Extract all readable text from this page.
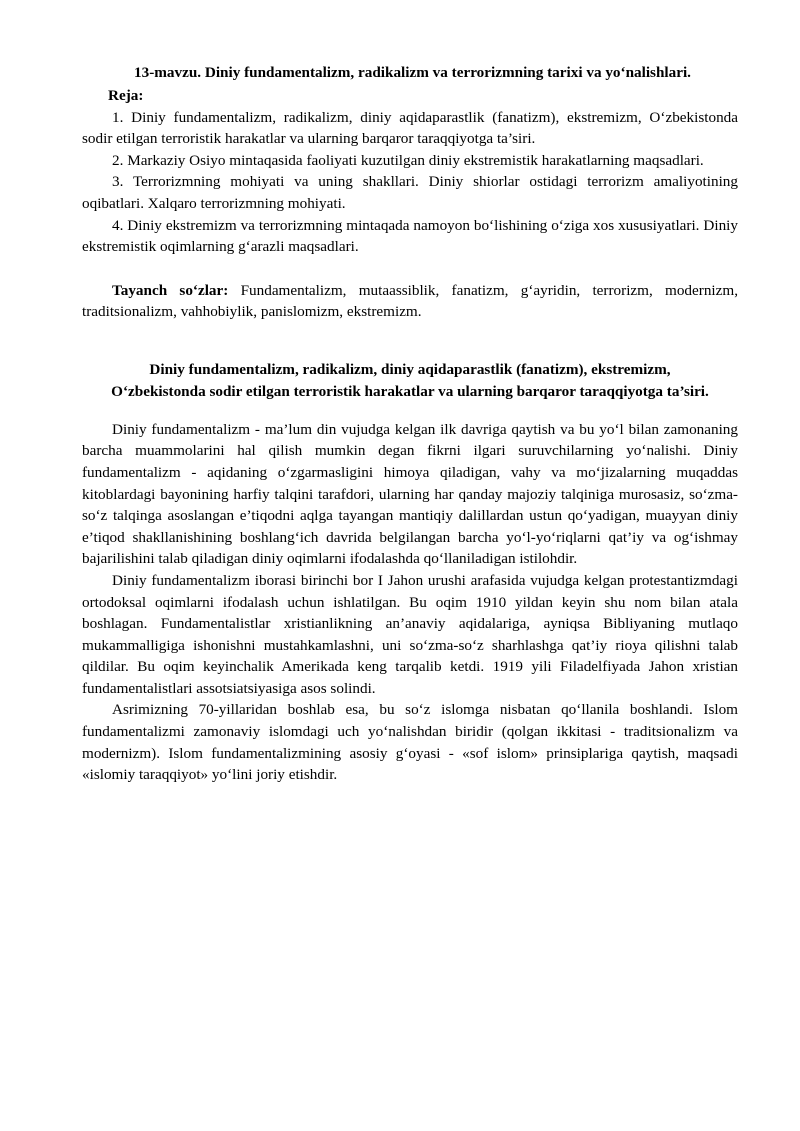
13-mavzu. Diniy fundamentalizm, radikalizm va terrorizmning tarixi va yo‘nalishlari.

Reja:

1. Diniy fundamentalizm, radikalizm, diniy aqidaparastlik (fanatizm), ekstremizm, O‘zbekistonda sodir etilgan terroristik harakatlar va ularning barqaror taraqqiyotga ta’siri.

2. Markaziy Osiyo mintaqasida faoliyati kuzutilgan diniy ekstremistik harakatlarning maqsadlari.

3. Terrorizmning mohiyati va uning shakllari. Diniy shiorlar ostidagi terrorizm amaliyotining oqibatlari. Xalqaro terrorizmning mohiyati.

4. Diniy ekstremizm va terrorizmning mintaqada namoyon bo‘lishining o‘ziga xos xususiyatlari. Diniy ekstremistik oqimlarning g‘arazli maqsadlari.

Tayanch so‘zlar: Fundamentalizm, mutaassiblik, fanatizm, g‘ayridin, terrorizm, modernizm, traditsionalizm, vahhobiylik, panislomizm, ekstremizm.

Diniy fundamentalizm, radikalizm, diniy aqidaparastlik (fanatizm), ekstremizm, O‘zbekistonda sodir etilgan terroristik harakatlar va ularning barqaror taraqqiyotga ta’siri.

Diniy fundamentalizm - ma’lum din vujudga kelgan ilk davriga qaytish va bu yo‘l bilan zamonaning barcha muammolarini hal qilish mumkin degan fikrni ilgari suruvchilarning yo‘nalishi. Diniy fundamentalizm - aqidaning o‘zgarmasligini himoya qiladigan, vahy va mo‘jizalarning muqaddas kitoblardagi bayonining harfiy talqini tarafdori, ularning har qanday majoziy talqiniga murosasiz, so‘zma-so‘z talqinga asoslangan e’tiqodni aqlga tayangan mantiqiy dalillardan ustun qo‘yadigan, muayyan diniy e’tiqod shakllanishining boshlang‘ich davrida belgilangan barcha yo‘l-yo‘riqlarni qat’iy va og‘ishmay bajarilishini talab qiladigan diniy oqimlarni ifodalashda qo‘llaniladigan istilohdir.

Diniy fundamentalizm iborasi birinchi bor I Jahon urushi arafasida vujudga kelgan protestantizmdagi ortodoksal oqimlarni ifodalash uchun ishlatilgan. Bu oqim 1910 yildan keyin shu nom bilan atala boshlagan. Fundamentalistlar xristianlikning an’anaviy aqidalariga, ayniqsa Bibliyaning mutlaqo mukammalligiga ishonishni mustahkamlashni, uni so‘zma-so‘z sharhlashga qat’iy rioya qilishni talab qildilar. Bu oqim keyinchalik Amerikada keng tarqalib ketdi. 1919 yili Filadelfiyada Jahon xristian fundamentalistlari assotsiatsiyasiga asos solindi.

Asrimizning 70-yillaridan boshlab esa, bu so‘z islomga nisbatan qo‘llanila boshlandi. Islom fundamentalizmi zamonaviy islomdagi uch yo‘nalishdan biridir (qolgan ikkitasi - traditsionalizm va modernizm). Islom fundamentalizmining asosiy g‘oyasi - «sof islom» prinsiplariga qaytish, maqsadi «islomiy taraqqiyot» yo‘lini joriy etishdir.
